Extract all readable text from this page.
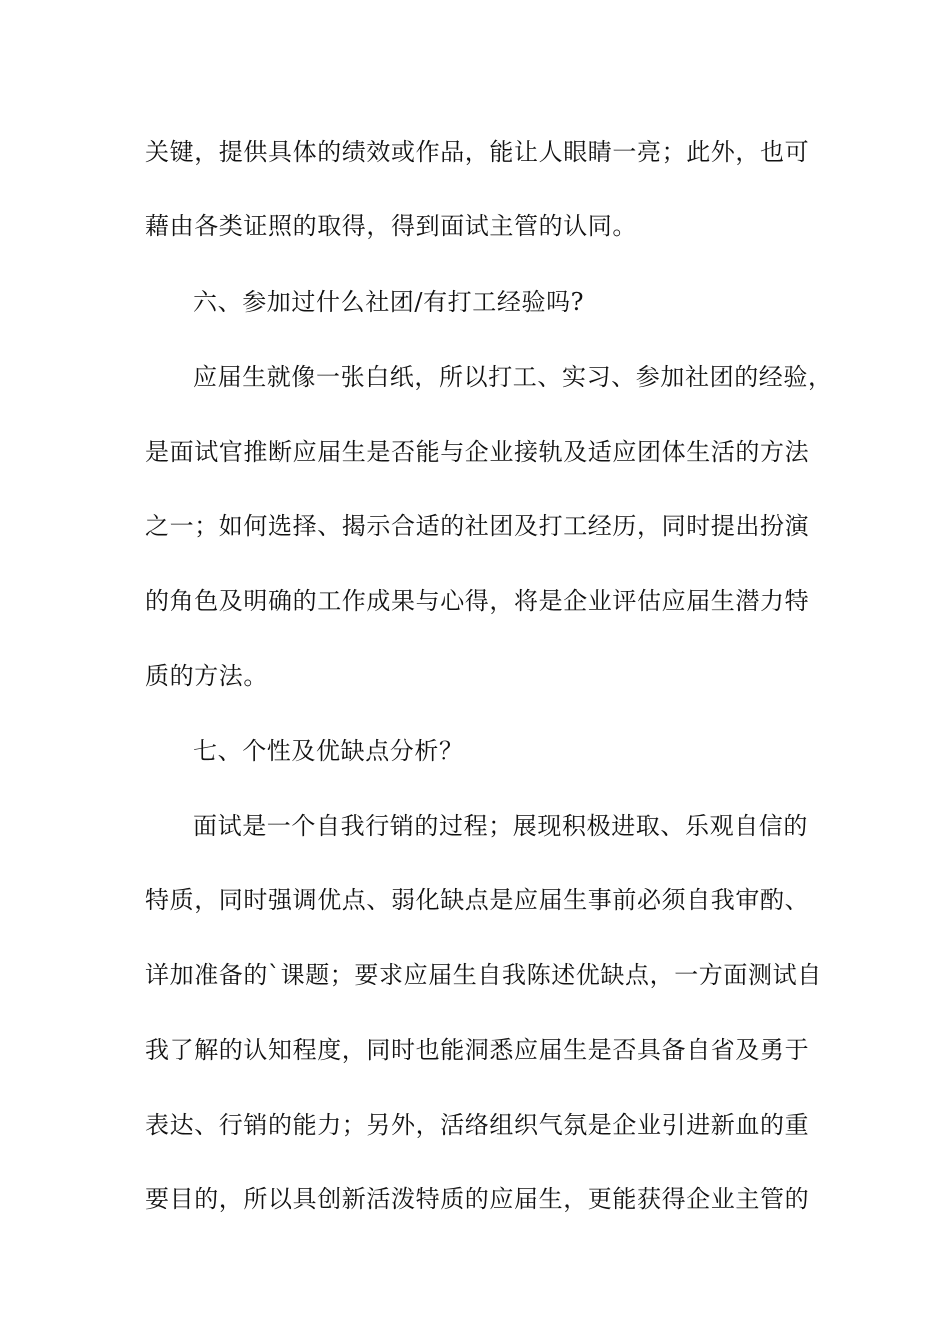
关键，提供具体的绩效或作品，能让人眼睛一亮；此外，也可

藉由各类证照的取得，得到面试主管的认同。

六、参加过什么社团/有打工经验吗?

应届生就像一张白纸，所以打工、实习、参加社团的经验，

是面试官推断应届生是否能与企业接轨及适应团体生活的方法

之一；如何选择、揭示合适的社团及打工经历，同时提出扮演

的角色及明确的工作成果与心得，将是企业评估应届生潜力特

质的方法。

七、个性及优缺点分析？

面试是一个自我行销的过程；展现积极进取、乐观自信的

特质，同时强调优点、弱化缺点是应届生事前必须自我审酌、

详加准备的`课题；要求应届生自我陈述优缺点，一方面测试自

我了解的认知程度，同时也能洞悉应届生是否具备自省及勇于

表达、行销的能力；另外，活络组织气氛是企业引进新血的重

要目的，所以具创新活泼特质的应届生，更能获得企业主管的
